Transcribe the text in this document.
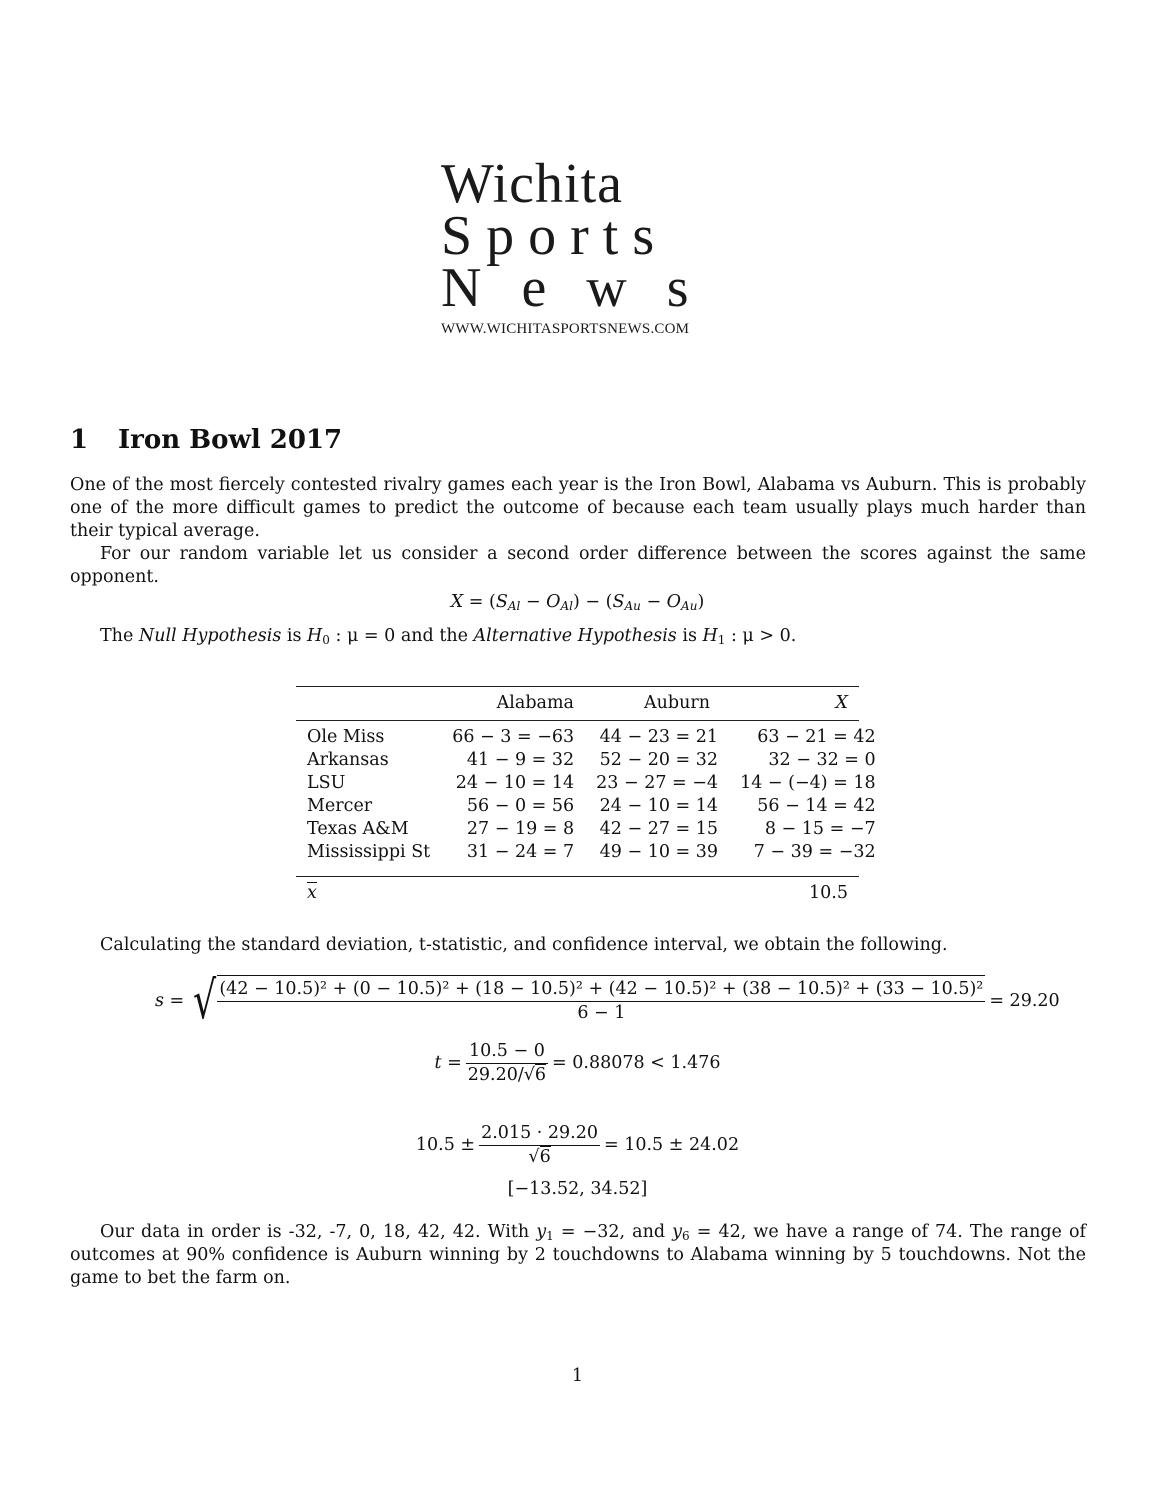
Wichita
Sports
News
WWW.WICHITASPORTSNEWS.COM
1 Iron Bowl 2017

One of the most fiercely contested rivalry games each year is the Iron Bowl, Alabama vs Auburn. This is probably one of the more difficult games to predict the outcome of because each team usually plays much harder than their typical average.

For our random variable let us consider a second order difference between the scores against the same opponent.

$X = (S_{Al} - O_{Al}) - (S_{Au} - O_{Au})$
The Null Hypothesis is $H_0$ : μ = 0 and the Alternative Hypothesis is $H_1$ : μ > 0.
	Alabama	Auburn	X
Ole Miss	66 − 3 = −63	44 − 23 = 21	63 − 21 = 42
Arkansas	41 − 9 = 32	52 − 20 = 32	32 − 32 = 0
LSU	24 − 10 = 14	23 − 27 = −4	14 − (−4) = 18
Mercer	56 − 0 = 56	24 − 10 = 14	56 − 14 = 42
Texas A&M	27 − 19 = 8	42 − 27 = 15	8 − 15 = −7
Mississippi St	31 − 24 = 7	49 − 10 = 39	7 − 39 = −32
x			10.5
Calculating the standard deviation, t-statistic, and confidence interval, we obtain the following.
s = √ (42 − 10.5)² + (0 − 10.5)² + (18 − 10.5)² + (42 − 10.5)² + (38 − 10.5)² + (33 − 10.5)²
6 − 1
= 29.20
$t = \frac{10.5 - 0}{29.20/√6} = 0.88078 < 1.476$
$10.5 \pm \frac{2.015 \cdot 29.20}{√6} = 10.5 \pm 24.02$
[−13.52, 34.52]
Our data in order is -32, -7, 0, 18, 42, 42. With $y_1 = -32$, and $y_6 = 42$, we have a range of 74. The range of outcomes at 90% confidence is Auburn winning by 2 touchdowns to Alabama winning by 5 touchdowns. Not the game to bet the farm on.
1
